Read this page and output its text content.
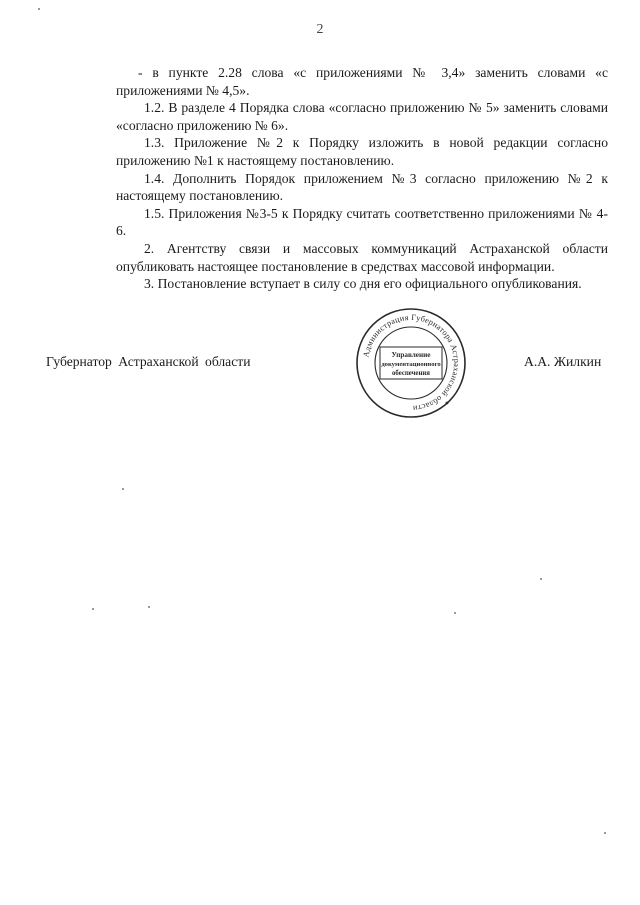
2

- в пункте 2.28 слова «с приложениями № 3,4» заменить словами «с приложениями № 4,5».

1.2. В разделе 4 Порядка слова «согласно приложению № 5» заменить словами «согласно приложению № 6».

1.3. Приложение №2 к Порядку изложить в новой редакции согласно приложению №1 к настоящему постановлению.

1.4. Дополнить Порядок приложением №3 согласно приложению №2 к настоящему постановлению.

1.5. Приложения №3-5 к Порядку считать соответственно приложениями № 4-6.

2. Агентству связи и массовых коммуникаций Астраханской области опубликовать настоящее постановление в средствах массовой информации.

3. Постановление вступает в силу со дня его официального опубликования.

Губернатор Астраханской области	А.А. Жилкин
Администрация Губернатора Астраханской области
Управление
документационного
обеспечения
